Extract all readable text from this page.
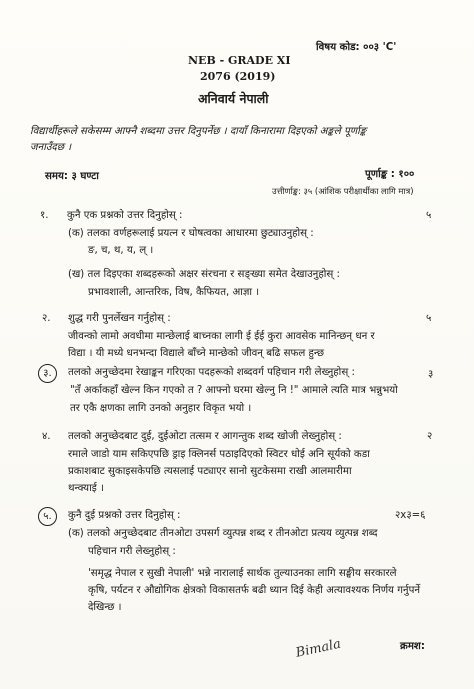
विषय कोड: ००३ 'C'
NEB - GRADE XI
2076 (2019)
अनिवार्य नेपाली
विद्यार्थीहरूले सकेसम्म आफ्नै शब्दमा उत्तर दिनुपर्नेछ । दायाँ किनारामा दिइएको अङ्कले पूर्णाङ्क
जनाउँदछ ।
समय: ३ घण्टा	पूर्णाङ्क : १००
उत्तीर्णाङ्क: ३५ (आंशिक परीक्षार्थीका लागि मात्र)
१. कुनै एक प्रश्नको उत्तर दिनुहोस् :	५
(क) तलका वर्णहरूलाई प्रयत्न र घोषत्वका आधारमा छुट्याउनुहोस् :
ङ, च, थ, य, ल् ।
(ख) तल दिइएका शब्दहरूको अक्षर संरचना र सङ्ख्या समेत देखाउनुहोस् :
प्रभावशाली, आन्तरिक, विष, कैफियत, आज्ञा ।
२. शुद्ध गरी पुनर्लेखन गर्नुहोस् :	५
जीवन्को लामो अवधीमा मान्छेलाई बाच्नका लागी ई ईई कुरा आवसेक मानिन्छन् धन र
विद्या । यी मध्ये धनभन्दा विद्याले बाँच्ने मान्छेको जीवन् बढि सफल हुन्छ
३.	तलको अनुच्छेदमा रेखाङ्कन गरिएका पदहरूको शब्दवर्ग पहिचान गरी लेख्नुहोस् :	३
"तँ अर्काकहाँ खेल्न किन गएको त ? आफ्नो घरमा खेल्नु नि !" आमाले त्यति मात्र भन्नुभयो
तर एकै क्षणका लागि उनको अनुहार विकृत भयो ।
४. तलको अनुच्छेदबाट दुई, दुईओटा तत्सम र आगन्तुक शब्द खोजी लेख्नुहोस् :	२
रमाले जाडो याम सकिएपछि ड्राइ क्लिनर्स पठाइदिएको स्विटर धोई अनि सूर्यको कडा
प्रकाशबाट सुकाइसकेपछि त्यसलाई पट्याएर सानो सुटकेसमा राखी आलमारीमा
थन्क्याई ।
५.	कुनै दुई प्रश्नको उत्तर दिनुहोस् :	२x३=६
(क) तलको अनुच्छेदबाट तीनओटा उपसर्ग व्युत्पन्न शब्द र तीनओटा प्रत्यय व्युत्पन्न शब्द
पहिचान गरी लेख्नुहोस् :
'समृद्ध नेपाल र सुखी नेपाली' भन्ने नारालाई सार्थक तुल्याउनका लागि सङ्घीय सरकारले
कृषि, पर्यटन र औद्योगिक क्षेत्रको विकासतर्फ बढी ध्यान दिई केही अत्यावश्यक निर्णय गर्नुपर्ने
देखिन्छ ।
Bimala	क्रमश:
